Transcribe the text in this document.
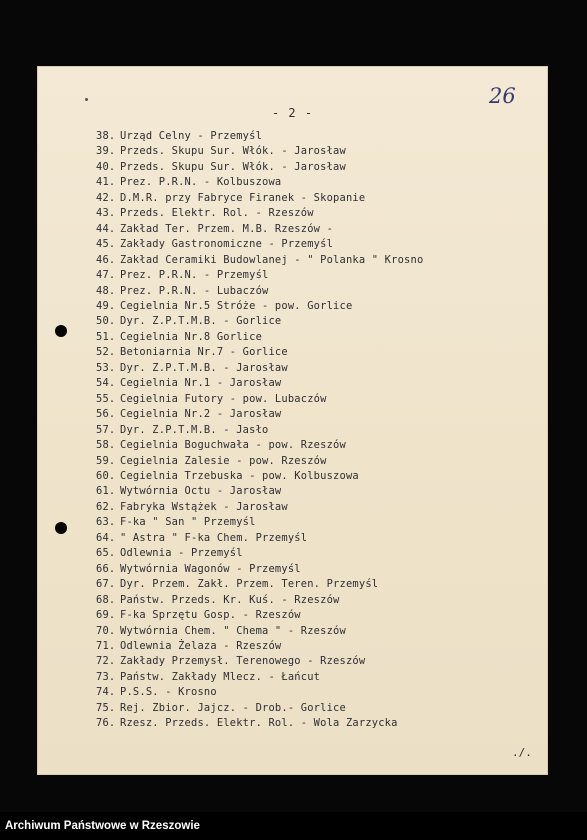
- 2 -
26
38. Urząd Celny - Przemyśl
39. Przeds. Skupu Sur. Włók. - Jarosław
40. Przeds. Skupu Sur. Włók. - Jarosław
41. Prez. P.R.N. - Kolbuszowa
42. D.M.R. przy Fabryce Firanek - Skopanie
43. Przeds. Elektr. Rol. - Rzeszów
44. Zakład Ter. Przem. M.B. Rzeszów -
45. Zakłady Gastronomiczne - Przemyśl
46. Zakład Ceramiki Budowlanej - " Polanka " Krosno
47. Prez. P.R.N. - Przemyśl
48. Prez. P.R.N. - Lubaczów
49. Cegielnia Nr.5 Stróże - pow. Gorlice
50. Dyr. Z.P.T.M.B. - Gorlice
51. Cegielnia Nr.8 Gorlice
52. Betoniarnia Nr.7 - Gorlice
53. Dyr. Z.P.T.M.B. - Jarosław
54. Cegielnia Nr.1 - Jarosław
55. Cegielnia Futory - pow. Lubaczów
56. Cegielnia Nr.2 - Jarosław
57. Dyr. Z.P.T.M.B. - Jasło
58. Cegielnia Boguchwała - pow. Rzeszów
59. Cegielnia Zalesie - pow. Rzeszów
60. Cegielnia Trzebuska - pow. Kolbuszowa
61. Wytwórnia Octu - Jarosław
62. Fabryka Wstążek - Jarosław
63. F-ka " San " Przemyśl
64. " Astra " F-ka Chem. Przemyśl
65. Odlewnia - Przemyśl
66. Wytwórnia Wagonów - Przemyśl
67. Dyr. Przem. Zakł. Przem. Teren. Przemyśl
68. Państw. Przeds. Kr. Kuś. - Rzeszów
69. F-ka Sprzętu Gosp. - Rzeszów
70. Wytwórnia Chem. " Chema " - Rzeszów
71. Odlewnia Żelaza - Rzeszów
72. Zakłady Przemysł. Terenowego - Rzeszów
73. Państw. Zakłady Mlecz. - Łańcut
74. P.S.S. - Krosno
75. Rej. Zbior. Jajcz. - Drob.- Gorlice
76. Rzesz. Przeds. Elektr. Rol. - Wola Zarzycka
./.
Archiwum Państwowe w Rzeszowie
